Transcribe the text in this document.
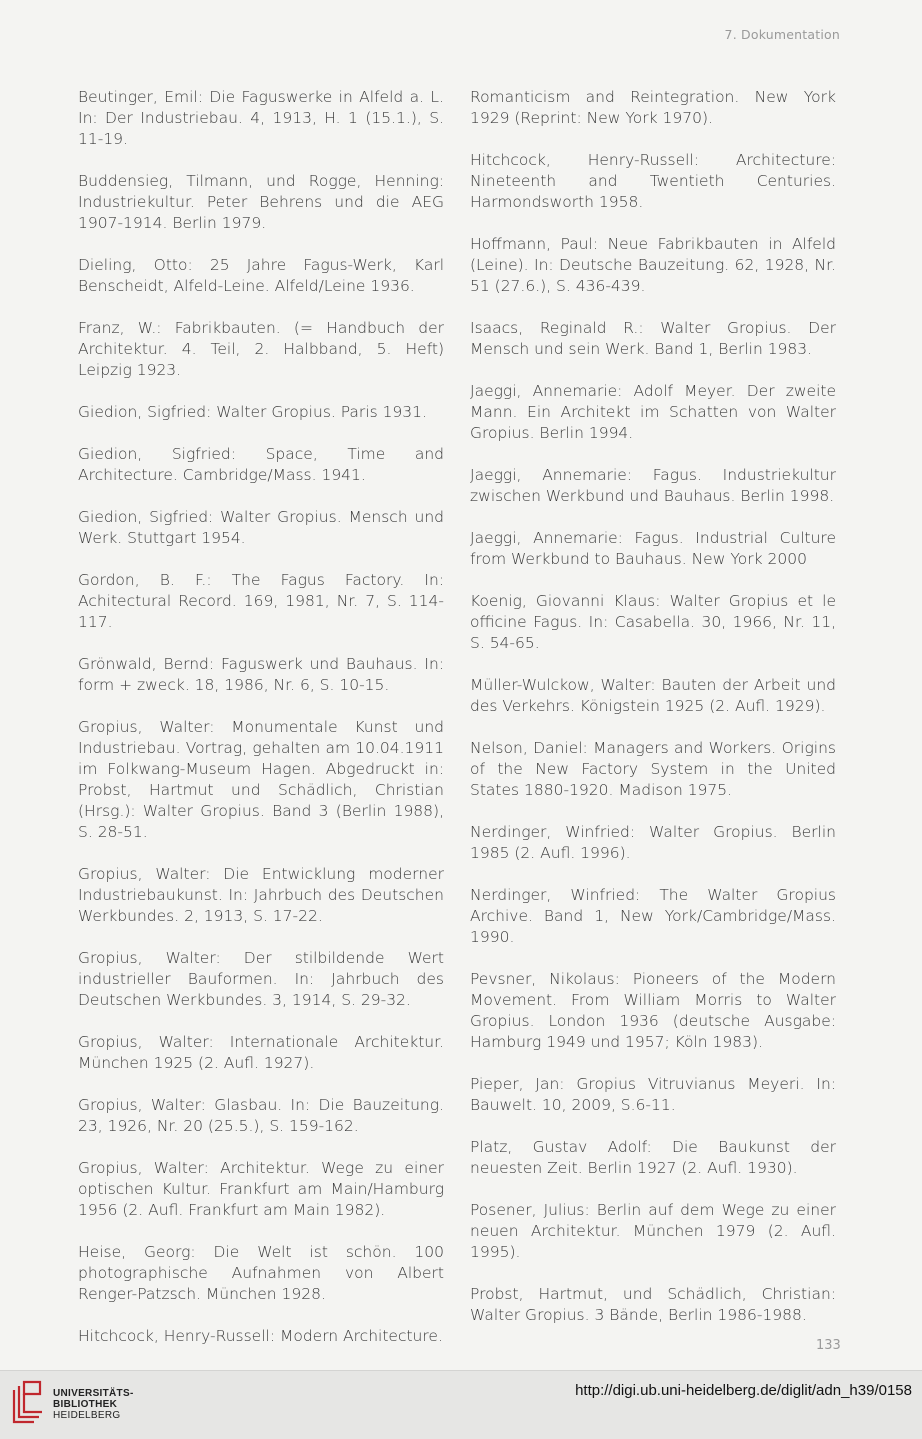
7. Dokumentation

Beutinger, Emil: Die Faguswerke in Alfeld a. L. In: Der Industriebau. 4, 1913, H. 1 (15.1.), S. 11-19.

Buddensieg, Tilmann, und Rogge, Henning: Industriekultur. Peter Behrens und die AEG 1907-1914. Berlin 1979.

Dieling, Otto: 25 Jahre Fagus-Werk, Karl Benscheidt, Alfeld-Leine. Alfeld/Leine 1936.

Franz, W.: Fabrikbauten. (= Handbuch der Architektur. 4. Teil, 2. Halbband, 5. Heft) Leipzig 1923.

Giedion, Sigfried: Walter Gropius. Paris 1931.

Giedion, Sigfried: Space, Time and Architecture. Cambridge/Mass. 1941.

Giedion, Sigfried: Walter Gropius. Mensch und Werk. Stuttgart 1954.

Gordon, B. F.: The Fagus Factory. In: Achitectural Record. 169, 1981, Nr. 7, S. 114-117.

Grönwald, Bernd: Faguswerk und Bauhaus. In: form + zweck. 18, 1986, Nr. 6, S. 10-15.

Gropius, Walter: Monumentale Kunst und Industriebau. Vortrag, gehalten am 10.04.1911 im Folkwang-Museum Hagen. Abgedruckt in: Probst, Hartmut und Schädlich, Christian (Hrsg.): Walter Gropius. Band 3 (Berlin 1988), S. 28-51.

Gropius, Walter: Die Entwicklung moderner Industriebaukunst. In: Jahrbuch des Deutschen Werkbundes. 2, 1913, S. 17-22.

Gropius, Walter: Der stilbildende Wert industrieller Bauformen. In: Jahrbuch des Deutschen Werkbundes. 3, 1914, S. 29-32.

Gropius, Walter: Internationale Architektur. München 1925 (2. Aufl. 1927).

Gropius, Walter: Glasbau. In: Die Bauzeitung. 23, 1926, Nr. 20 (25.5.), S. 159-162.

Gropius, Walter: Architektur. Wege zu einer optischen Kultur. Frankfurt am Main/Hamburg 1956 (2. Aufl. Frankfurt am Main 1982).

Heise, Georg: Die Welt ist schön. 100 photographische Aufnahmen von Albert Renger-Patzsch. München 1928.

Hitchcock, Henry-Russell: Modern Architecture.

Romanticism and Reintegration. New York 1929 (Reprint: New York 1970).

Hitchcock, Henry-Russell: Architecture: Nineteenth and Twentieth Centuries. Harmondsworth 1958.

Hoffmann, Paul: Neue Fabrikbauten in Alfeld (Leine). In: Deutsche Bauzeitung. 62, 1928, Nr. 51 (27.6.), S. 436-439.

Isaacs, Reginald R.: Walter Gropius. Der Mensch und sein Werk. Band 1, Berlin 1983.

Jaeggi, Annemarie: Adolf Meyer. Der zweite Mann. Ein Architekt im Schatten von Walter Gropius. Berlin 1994.

Jaeggi, Annemarie: Fagus. Industriekultur zwischen Werkbund und Bauhaus. Berlin 1998.

Jaeggi, Annemarie: Fagus. Industrial Culture from Werkbund to Bauhaus. New York 2000

Koenig, Giovanni Klaus: Walter Gropius et le officine Fagus. In: Casabella. 30, 1966, Nr. 11, S. 54-65.

Müller-Wulckow, Walter: Bauten der Arbeit und des Verkehrs. Königstein 1925 (2. Aufl. 1929).

Nelson, Daniel: Managers and Workers. Origins of the New Factory System in the United States 1880-1920. Madison 1975.

Nerdinger, Winfried: Walter Gropius. Berlin 1985 (2. Aufl. 1996).

Nerdinger, Winfried: The Walter Gropius Archive. Band 1, New York/Cambridge/Mass. 1990.

Pevsner, Nikolaus: Pioneers of the Modern Movement. From William Morris to Walter Gropius. London 1936 (deutsche Ausgabe: Hamburg 1949 und 1957; Köln 1983).

Pieper, Jan: Gropius Vitruvianus Meyeri. In: Bauwelt. 10, 2009, S.6-11.

Platz, Gustav Adolf: Die Baukunst der neuesten Zeit. Berlin 1927 (2. Aufl. 1930).

Posener, Julius: Berlin auf dem Wege zu einer neuen Architektur. München 1979 (2. Aufl. 1995).

Probst, Hartmut, und Schädlich, Christian: Walter Gropius. 3 Bände, Berlin 1986-1988.

133
UNIVERSITÄTS-
BIBLIOTHEK
HEIDELBERG
http://digi.ub.uni-heidelberg.de/diglit/adn_h39/0158
